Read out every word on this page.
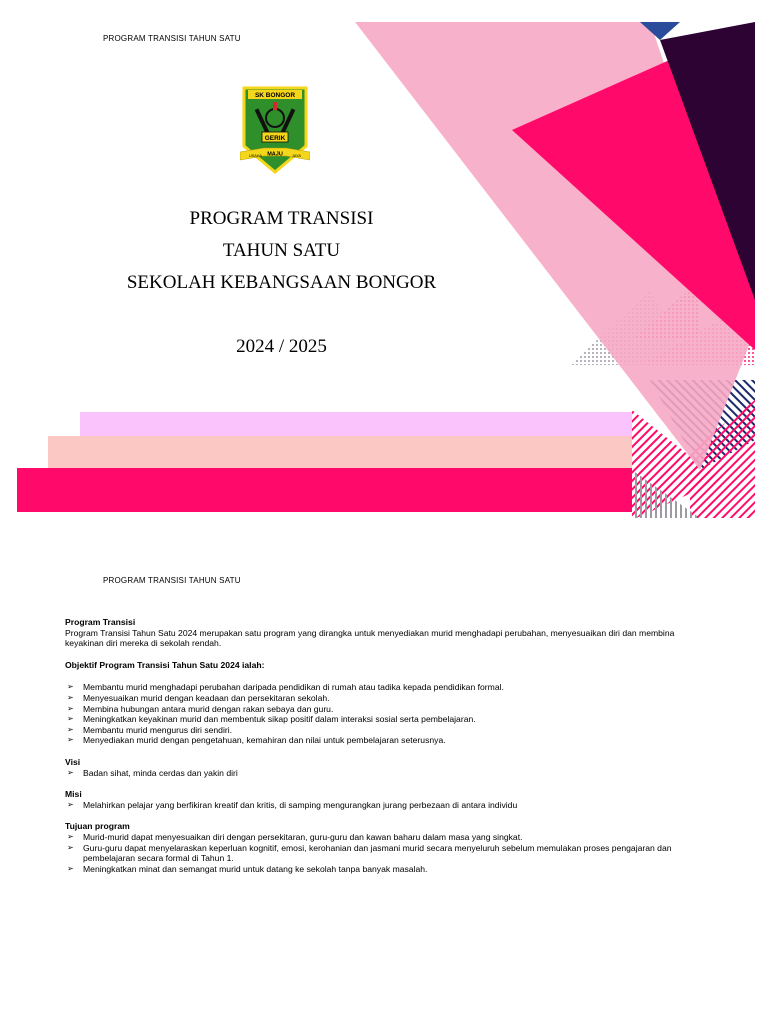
PROGRAM TRANSISI TAHUN SATU
SK BONGOR
GERIK
USAHA MAJU JAYA
PROGRAM TRANSISI
TAHUN SATU
SEKOLAH KEBANGSAAN BONGOR
2024 / 2025
PROGRAM TRANSISI TAHUN SATU
Program Transisi
Program Transisi Tahun Satu 2024 merupakan satu program yang dirangka untuk menyediakan murid menghadapi perubahan, menyesuaikan diri dan membina keyakinan diri mereka di sekolah rendah.
Objektif Program Transisi Tahun Satu 2024 ialah:
➢ Membantu murid menghadapi perubahan daripada pendidikan di rumah atau tadika kepada pendidikan formal.
➢ Menyesuaikan murid dengan keadaan dan persekitaran sekolah.
➢ Membina hubungan antara murid dengan rakan sebaya dan guru.
➢ Meningkatkan keyakinan murid dan membentuk sikap positif dalam interaksi sosial serta pembelajaran.
➢ Membantu murid mengurus diri sendiri.
➢ Menyediakan murid dengan pengetahuan, kemahiran dan nilai untuk pembelajaran seterusnya.
Visi
➢ Badan sihat, minda cerdas dan yakin diri
Misi
➢ Melahirkan pelajar yang berfikiran kreatif dan kritis, di samping mengurangkan jurang perbezaan di antara individu
Tujuan program
➢ Murid-murid dapat menyesuaikan diri dengan persekitaran, guru-guru dan kawan baharu dalam masa yang singkat.
➢ Guru-guru dapat menyelaraskan keperluan kognitif, emosi, kerohanian dan jasmani murid secara menyeluruh sebelum memulakan proses pengajaran dan pembelajaran secara formal di Tahun 1.
➢ Meningkatkan minat dan semangat murid untuk datang ke sekolah tanpa banyak masalah.
